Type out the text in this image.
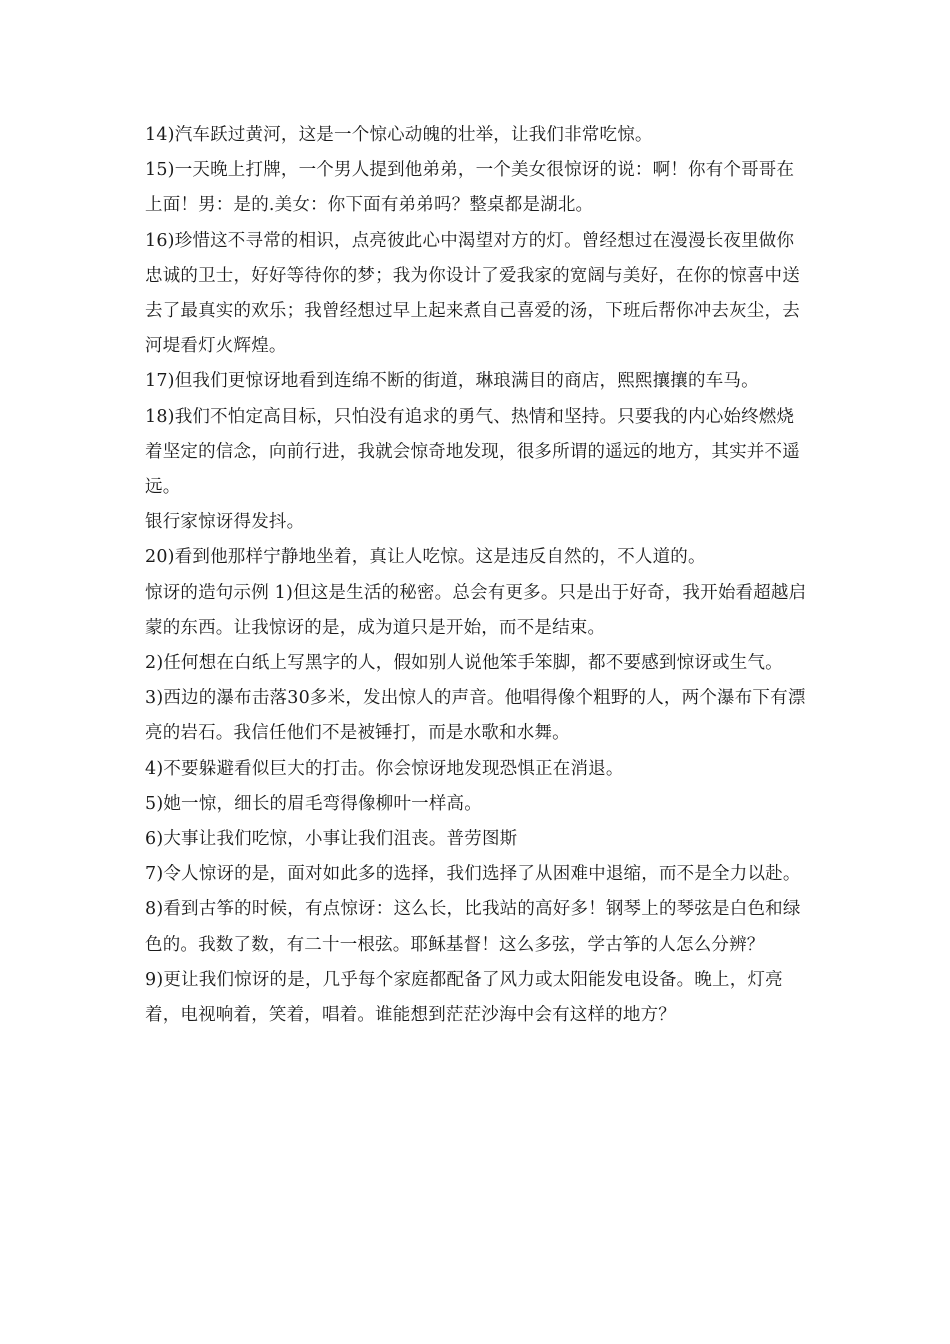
14)汽车跃过黄河，这是一个惊心动魄的壮举，让我们非常吃惊。

15)一天晚上打牌，一个男人提到他弟弟，一个美女很惊讶的说：啊！你有个哥哥在上面！男：是的.美女：你下面有弟弟吗？整桌都是湖北。

16)珍惜这不寻常的相识，点亮彼此心中渴望对方的灯。曾经想过在漫漫长夜里做你忠诚的卫士，好好等待你的梦；我为你设计了爱我家的宽阔与美好，在你的惊喜中送去了最真实的欢乐；我曾经想过早上起来煮自己喜爱的汤，下班后帮你冲去灰尘，去河堤看灯火辉煌。

17)但我们更惊讶地看到连绵不断的街道，琳琅满目的商店，熙熙攘攘的车马。

18)我们不怕定高目标，只怕没有追求的勇气、热情和坚持。只要我的内心始终燃烧着坚定的信念，向前行进，我就会惊奇地发现，很多所谓的遥远的地方，其实并不遥远。

银行家惊讶得发抖。

20)看到他那样宁静地坐着，真让人吃惊。这是违反自然的，不人道的。

惊讶的造句示例 1)但这是生活的秘密。总会有更多。只是出于好奇，我开始看超越启蒙的东西。让我惊讶的是，成为道只是开始，而不是结束。

2)任何想在白纸上写黑字的人，假如别人说他笨手笨脚，都不要感到惊讶或生气。

3)西边的瀑布击落30多米，发出惊人的声音。他唱得像个粗野的人，两个瀑布下有漂亮的岩石。我信任他们不是被锤打，而是水歌和水舞。

4)不要躲避看似巨大的打击。你会惊讶地发现恐惧正在消退。

5)她一惊，细长的眉毛弯得像柳叶一样高。

6)大事让我们吃惊，小事让我们沮丧。普劳图斯

7)令人惊讶的是，面对如此多的选择，我们选择了从困难中退缩，而不是全力以赴。

8)看到古筝的时候，有点惊讶：这么长，比我站的高好多！钢琴上的琴弦是白色和绿色的。我数了数，有二十一根弦。耶稣基督！这么多弦，学古筝的人怎么分辨？

9)更让我们惊讶的是，几乎每个家庭都配备了风力或太阳能发电设备。晚上，灯亮着，电视响着，笑着，唱着。谁能想到茫茫沙海中会有这样的地方？
